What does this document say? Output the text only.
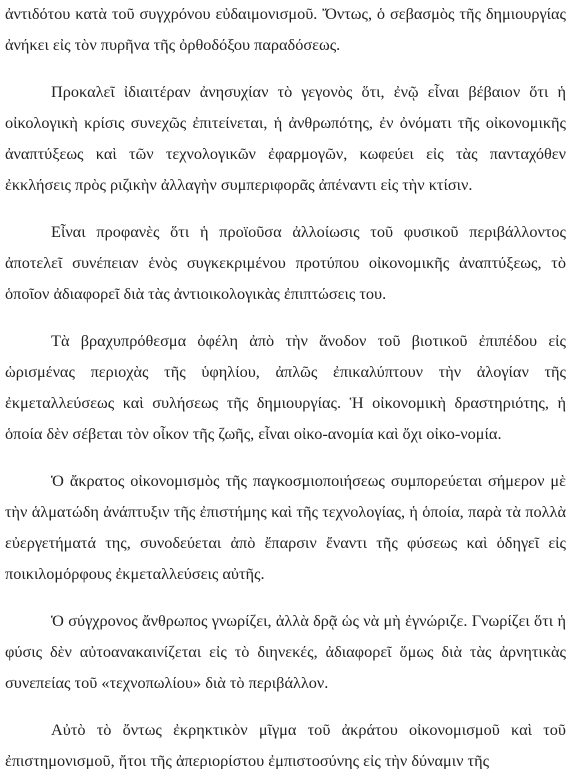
ἀντιδότου κατὰ τοῦ συγχρόνου εὐδαιμονισμοῦ. Ὄντως, ὁ σεβασμὸς τῆς δημιουργίας ἀνήκει εἰς τὸν πυρῆνα τῆς ὀρθοδόξου παραδόσεως.

Προκαλεῖ ἰδιαιτέραν ἀνησυχίαν τὸ γεγονὸς ὅτι, ἐνῷ εἶναι βέβαιον ὅτι ἡ οἰκολογικὴ κρίσις συνεχῶς ἐπιτείνεται, ἡ ἀνθρωπότης, ἐν ὀνόματι τῆς οἰκονομικῆς ἀναπτύξεως καὶ τῶν τεχνολογικῶν ἐφαρμογῶν, κωφεύει εἰς τὰς πανταχόθεν ἐκκλήσεις πρὸς ριζικὴν ἀλλαγὴν συμπεριφορᾶς ἀπέναντι εἰς τὴν κτίσιν.

Εἶναι προφανὲς ὅτι ἡ προϊοῦσα ἀλλοίωσις τοῦ φυσικοῦ περιβάλλοντος ἀποτελεῖ συνέπειαν ἑνὸς συγκεκριμένου προτύπου οἰκονομικῆς ἀναπτύξεως, τὸ ὁποῖον ἀδιαφορεῖ διὰ τὰς ἀντιοικολογικὰς ἐπιπτώσεις του.

Τὰ βραχυπρόθεσμα ὀφέλη ἀπὸ τὴν ἄνοδον τοῦ βιοτικοῦ ἐπιπέδου εἰς ὡρισμένας περιοχὰς τῆς ὑφηλίου, ἀπλῶς ἐπικαλύπτουν τὴν ἀλογίαν τῆς ἐκμεταλλεύσεως καὶ συλήσεως τῆς δημιουργίας. Ἡ οἰκονομικὴ δραστηριότης, ἡ ὁποία δὲν σέβεται τὸν οἶκον τῆς ζωῆς, εἶναι οἰκο-ανομία καὶ ὄχι οἰκο-νομία.

Ὁ ἄκρατος οἰκονομισμὸς τῆς παγκοσμιοποιήσεως συμπορεύεται σήμερον μὲ τὴν ἁλματώδη ἀνάπτυξιν τῆς ἐπιστήμης καὶ τῆς τεχνολογίας, ἡ ὁποία, παρὰ τὰ πολλὰ εὐεργετήματά της, συνοδεύεται ἀπὸ ἔπαρσιν ἔναντι τῆς φύσεως καὶ ὁδηγεῖ εἰς ποικιλομόρφους ἐκμεταλλεύσεις αὐτῆς.

Ὁ σύγχρονος ἄνθρωπος γνωρίζει, ἀλλὰ δρᾷ ὡς νὰ μὴ ἐγνώριζε. Γνωρίζει ὅτι ἡ φύσις δὲν αὐτοανακαινίζεται εἰς τὸ διηνεκές, ἀδιαφορεῖ ὅμως διὰ τὰς ἀρνητικὰς συνεπείας τοῦ «τεχνοπωλίου» διὰ τὸ περιβάλλον.

Αὐτὸ τὸ ὄντως ἐκρηκτικὸν μῖγμα τοῦ ἀκράτου οἰκονομισμοῦ καὶ τοῦ ἐπιστημονισμοῦ, ἤτοι τῆς ἀπεριορίστου ἐμπιστοσύνης εἰς τὴν δύναμιν τῆς
